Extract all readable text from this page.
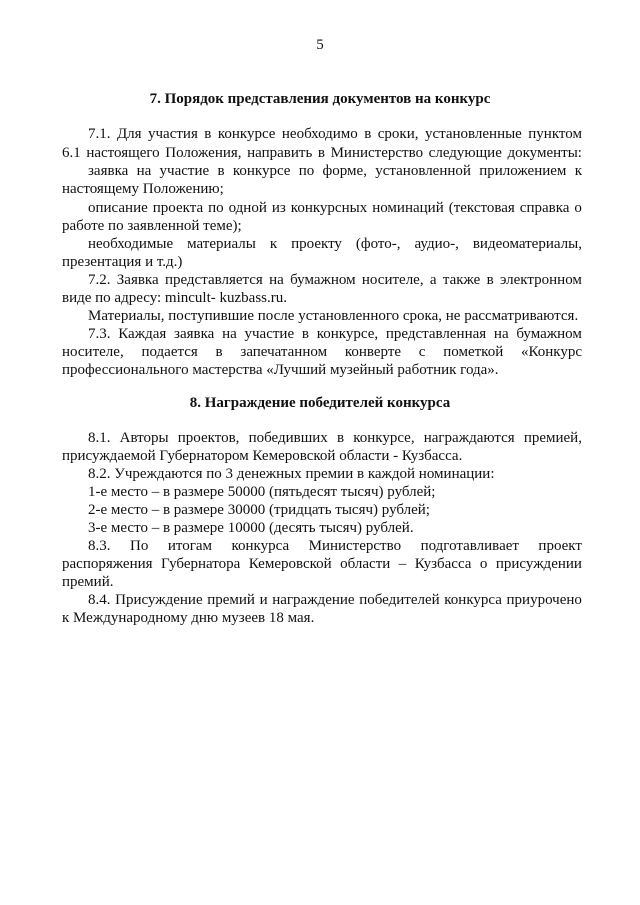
5
7. Порядок представления документов на конкурс
7.1. Для участия в конкурсе необходимо в сроки, установленные пунктом
6.1 настоящего Положения, направить в Министерство следующие документы:
заявка на участие в конкурсе по форме, установленной приложением к
настоящему Положению;
описание проекта по одной из конкурсных номинаций (текстовая справка о
работе по заявленной теме);
необходимые материалы к проекту (фото-, аудио-, видеоматериалы,
презентация и т.д.)
7.2. Заявка представляется на бумажном носителе, а также в электронном
виде по адресу: mincult- kuzbass.ru.
Материалы, поступившие после установленного срока, не рассматриваются.
7.3. Каждая заявка на участие в конкурсе, представленная на бумажном
носителе, подается в запечатанном конверте с пометкой «Конкурс
профессионального мастерства «Лучший музейный работник года».
8. Награждение победителей конкурса
8.1. Авторы проектов, победивших в конкурсе, награждаются премией,
присуждаемой Губернатором Кемеровской области - Кузбасса.
8.2. Учреждаются по 3 денежных премии в каждой номинации:
1-е место – в размере 50000 (пятьдесят тысяч) рублей;
2-е место – в размере 30000 (тридцать тысяч) рублей;
3-е место – в размере 10000 (десять тысяч) рублей.
8.3. По итогам конкурса Министерство подготавливает проект
распоряжения Губернатора Кемеровской области – Кузбасса о присуждении
премий.
8.4. Присуждение премий и награждение победителей конкурса приурочено
к Международному дню музеев 18 мая.
